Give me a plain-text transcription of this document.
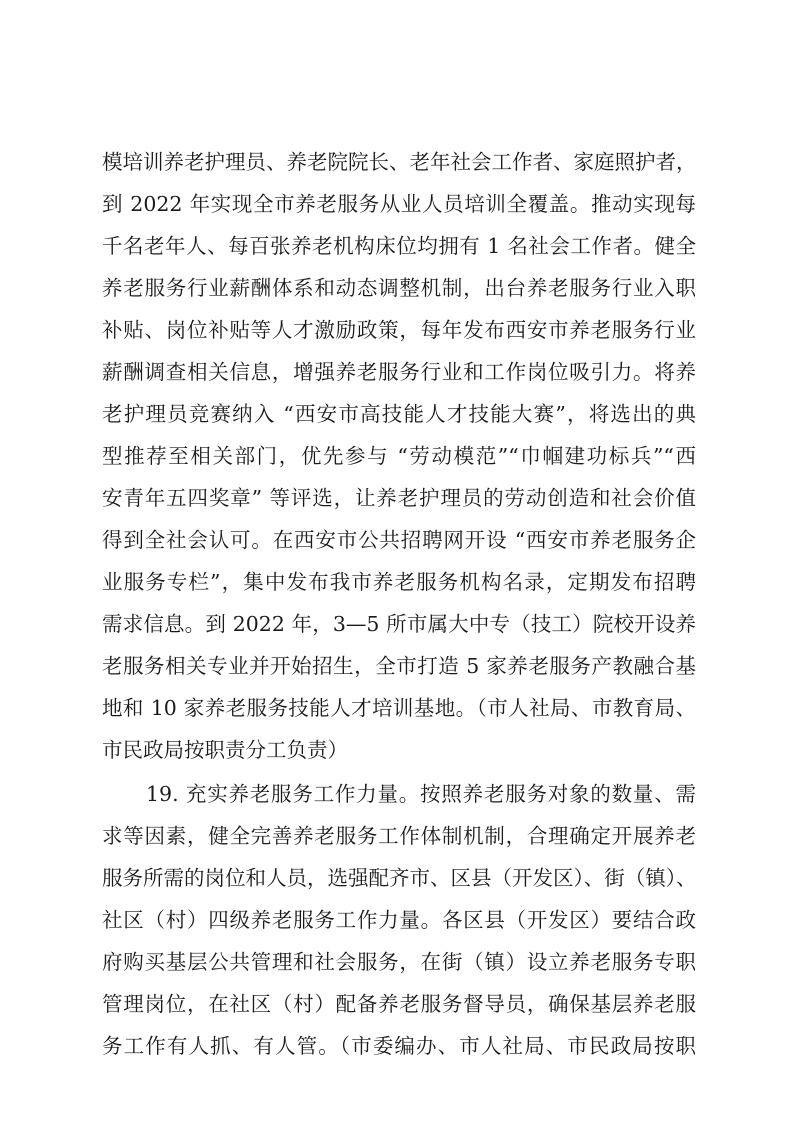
模培训养老护理员、养老院院长、老年社会工作者、家庭照护者，
到 2022 年实现全市养老服务从业人员培训全覆盖。推动实现每
千名老年人、每百张养老机构床位均拥有 1 名社会工作者。健全
养老服务行业薪酬体系和动态调整机制，出台养老服务行业入职
补贴、岗位补贴等人才激励政策，每年发布西安市养老服务行业
薪酬调查相关信息，增强养老服务行业和工作岗位吸引力。将养
老护理员竞赛纳入 “西安市高技能人才技能大赛”，将选出的典
型推荐至相关部门，优先参与 “劳动模范”“巾帼建功标兵”“西
安青年五四奖章” 等评选，让养老护理员的劳动创造和社会价值
得到全社会认可。在西安市公共招聘网开设 “西安市养老服务企
业服务专栏”，集中发布我市养老服务机构名录，定期发布招聘
需求信息。到 2022 年，3—5 所市属大中专（技工）院校开设养
老服务相关专业并开始招生，全市打造 5 家养老服务产教融合基
地和 10 家养老服务技能人才培训基地。（市人社局、市教育局、
市民政局按职责分工负责）
19. 充实养老服务工作力量。按照养老服务对象的数量、需
求等因素，健全完善养老服务工作体制机制，合理确定开展养老
服务所需的岗位和人员，选强配齐市、区县（开发区）、街（镇）、
社区（村）四级养老服务工作力量。各区县（开发区）要结合政
府购买基层公共管理和社会服务，在街（镇）设立养老服务专职
管理岗位，在社区（村）配备养老服务督导员，确保基层养老服
务工作有人抓、有人管。（市委编办、市人社局、市民政局按职
